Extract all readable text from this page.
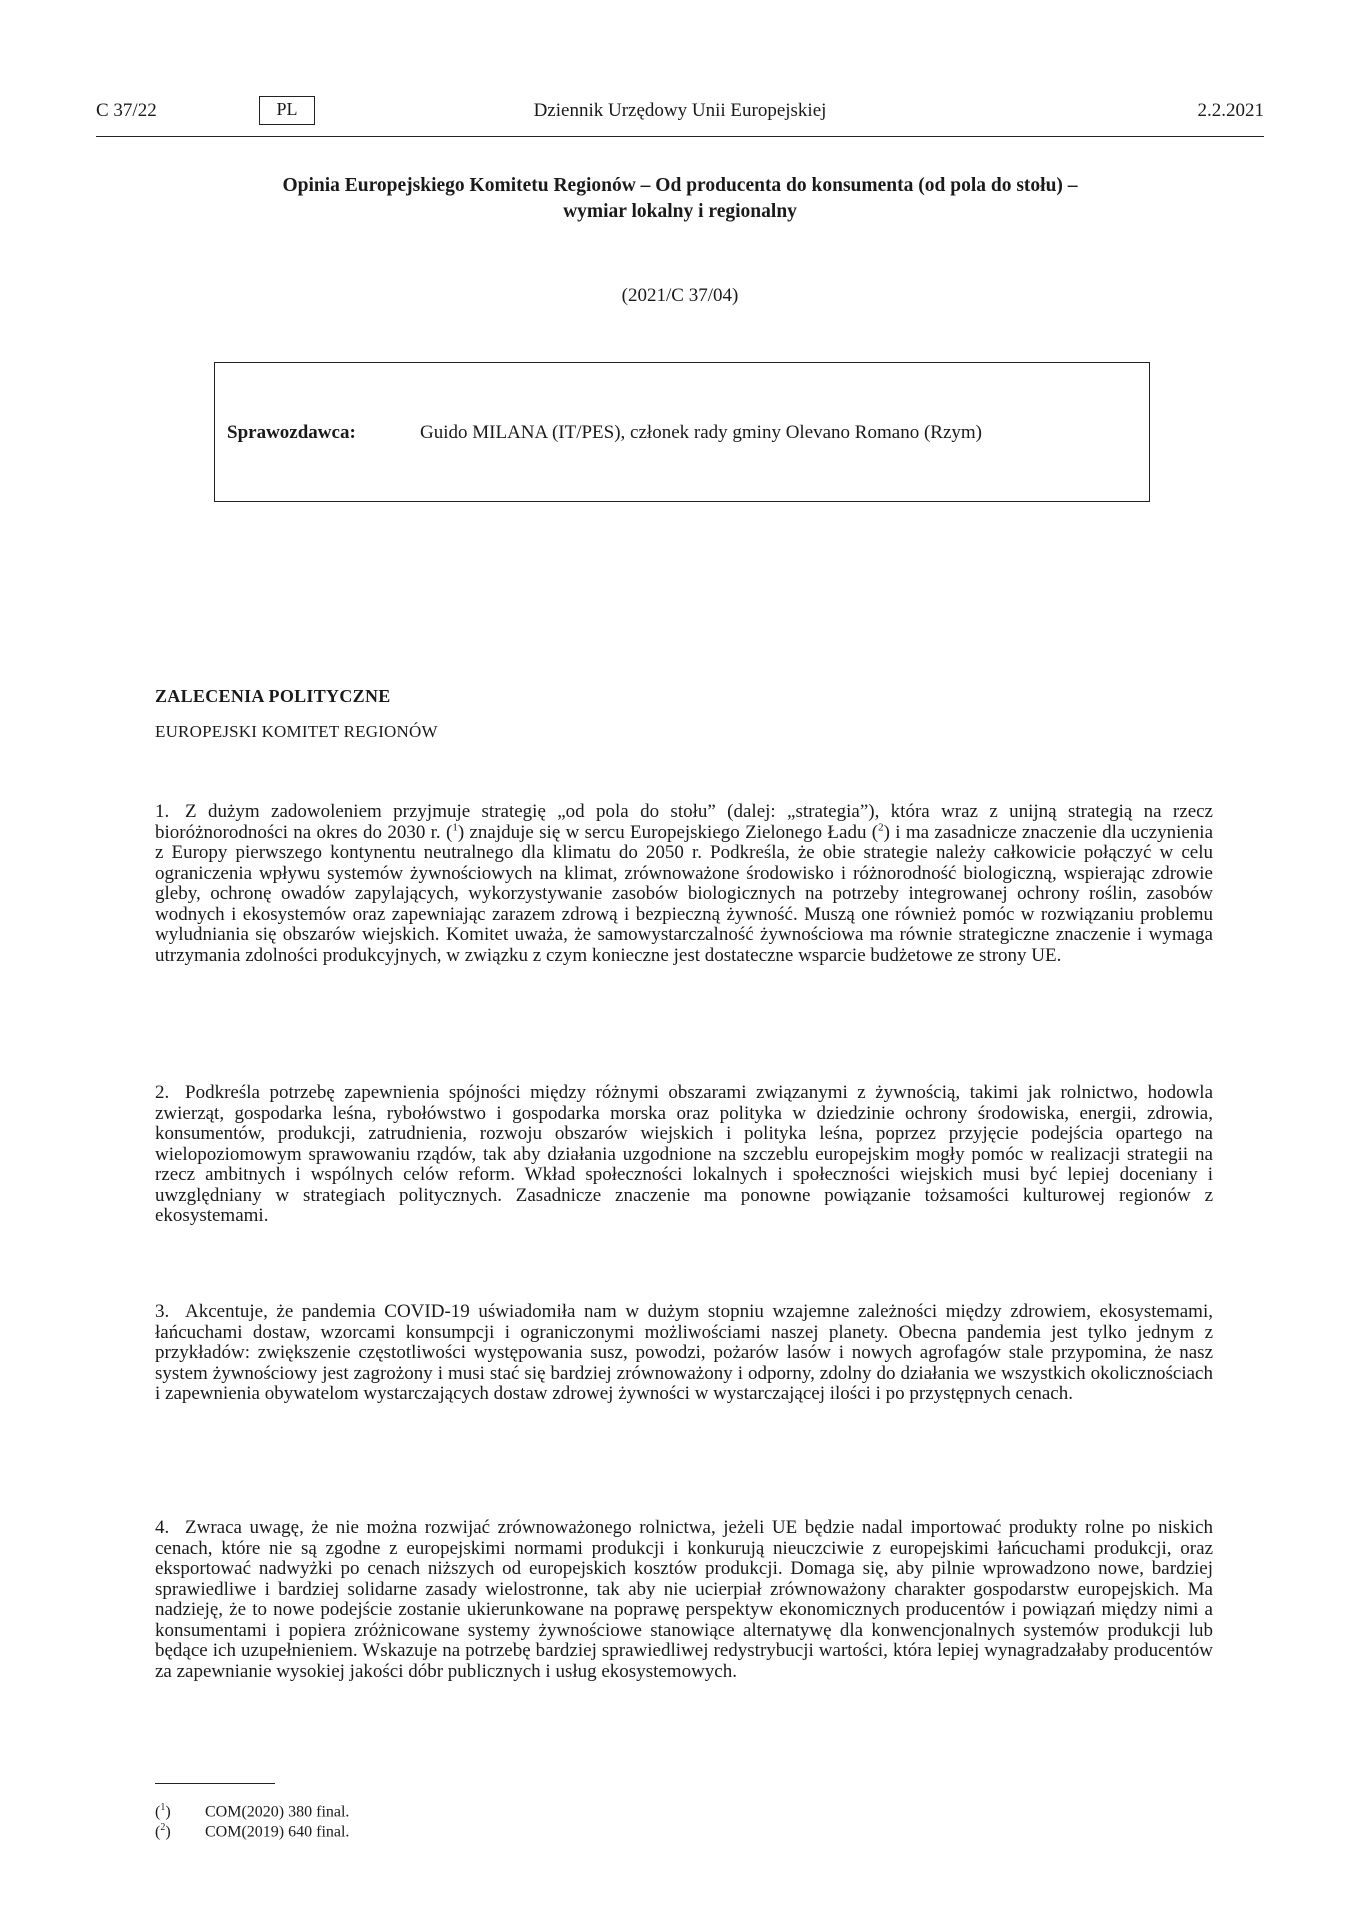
C 37/22	PL	Dziennik Urzędowy Unii Europejskiej	2.2.2021
Opinia Europejskiego Komitetu Regionów – Od producenta do konsumenta (od pola do stołu) –
wymiar lokalny i regionalny
(2021/C 37/04)
Sprawozdawca:	Guido MILANA (IT/PES), członek rady gminy Olevano Romano (Rzym)
ZALECENIA POLITYCZNE
EUROPEJSKI KOMITET REGIONÓW
1. Z dużym zadowoleniem przyjmuje strategię „od pola do stołu” (dalej: „strategia”), która wraz z unijną strategią na rzecz bioróżnorodności na okres do 2030 r. ($^1$) znajduje się w sercu Europejskiego Zielonego Ładu ($^2$) i ma zasadnicze znaczenie dla uczynienia z Europy pierwszego kontynentu neutralnego dla klimatu do 2050 r. Podkreśla, że obie strategie należy całkowicie połączyć w celu ograniczenia wpływu systemów żywnościowych na klimat, zrównoważone środowisko i różnorodność biologiczną, wspierając zdrowie gleby, ochronę owadów zapylających, wykorzystywanie zasobów biologicznych na potrzeby integrowanej ochrony roślin, zasobów wodnych i ekosystemów oraz zapewniając zarazem zdrową i bezpieczną żywność. Muszą one również pomóc w rozwiązaniu problemu wyludniania się obszarów wiejskich. Komitet uważa, że samowystarczalność żywnościowa ma równie strategiczne znaczenie i wymaga utrzymania zdolności produkcyjnych, w związku z czym konieczne jest dostateczne wsparcie budżetowe ze strony UE.
2. Podkreśla potrzebę zapewnienia spójności między różnymi obszarami związanymi z żywnością, takimi jak rolnictwo, hodowla zwierząt, gospodarka leśna, rybołówstwo i gospodarka morska oraz polityka w dziedzinie ochrony środowiska, energii, zdrowia, konsumentów, produkcji, zatrudnienia, rozwoju obszarów wiejskich i polityka leśna, poprzez przyjęcie podejścia opartego na wielopoziomowym sprawowaniu rządów, tak aby działania uzgodnione na szczeblu europejskim mogły pomóc w realizacji strategii na rzecz ambitnych i wspólnych celów reform. Wkład społeczności lokalnych i społeczności wiejskich musi być lepiej doceniany i uwzględniany w strategiach politycznych. Zasadnicze znaczenie ma ponowne powiązanie tożsamości kulturowej regionów z ekosystemami.
3. Akcentuje, że pandemia COVID-19 uświadomiła nam w dużym stopniu wzajemne zależności między zdrowiem, ekosystemami, łańcuchami dostaw, wzorcami konsumpcji i ograniczonymi możliwościami naszej planety. Obecna pandemia jest tylko jednym z przykładów: zwiększenie częstotliwości występowania susz, powodzi, pożarów lasów i nowych agrofagów stale przypomina, że nasz system żywnościowy jest zagrożony i musi stać się bardziej zrównoważony i odporny, zdolny do działania we wszystkich okolicznościach i zapewnienia obywatelom wystarczających dostaw zdrowej żywności w wystarczającej ilości i po przystępnych cenach.
4. Zwraca uwagę, że nie można rozwijać zrównoważonego rolnictwa, jeżeli UE będzie nadal importować produkty rolne po niskich cenach, które nie są zgodne z europejskimi normami produkcji i konkurują nieuczciwie z europejskimi łańcuchami produkcji, oraz eksportować nadwyżki po cenach niższych od europejskich kosztów produkcji. Domaga się, aby pilnie wprowadzono nowe, bardziej sprawiedliwe i bardziej solidarne zasady wielostronne, tak aby nie ucierpiał zrównoważony charakter gospodarstw europejskich. Ma nadzieję, że to nowe podejście zostanie ukierunkowane na poprawę perspektyw ekonomicznych producentów i powiązań między nimi a konsumentami i popiera zróżnicowane systemy żywnościowe stanowiące alternatywę dla konwencjonalnych systemów produkcji lub będące ich uzupełnieniem. Wskazuje na potrzebę bardziej sprawiedliwej redystrybucji wartości, która lepiej wynagradzałaby producentów za zapewnianie wysokiej jakości dóbr publicznych i usług ekosystemowych.
($^1$) COM(2020) 380 final.
($^2$) COM(2019) 640 final.
